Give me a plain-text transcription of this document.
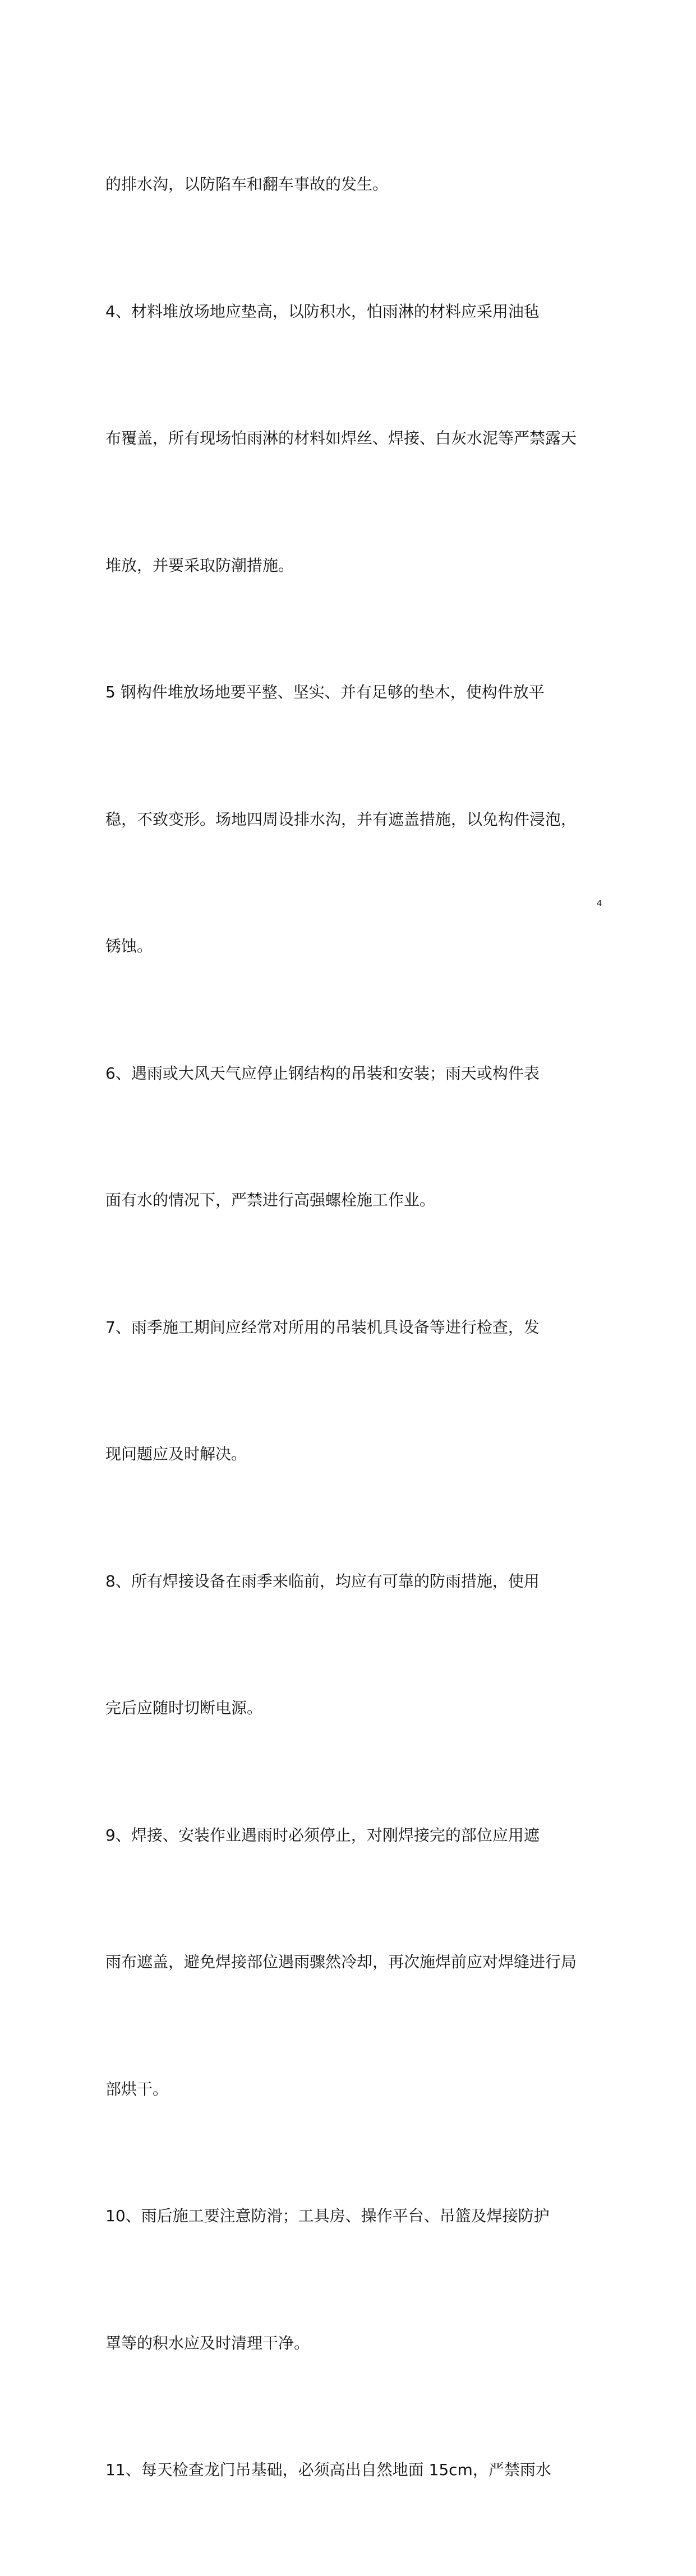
的排水沟，以防陷车和翻车事故的发生。

4、材料堆放场地应垫高，以防积水，怕雨淋的材料应采用油毡

布覆盖，所有现场怕雨淋的材料如焊丝、焊接、白灰水泥等严禁露天

堆放，并要采取防潮措施。

5 钢构件堆放场地要平整、坚实、并有足够的垫木，使构件放平

稳，不致变形。场地四周设排水沟，并有遮盖措施，以免构件浸泡，

锈蚀。

6、遇雨或大风天气应停止钢结构的吊装和安装；雨天或构件表

面有水的情况下，严禁进行高强螺栓施工作业。

7、雨季施工期间应经常对所用的吊装机具设备等进行检查，发

现问题应及时解决。

8、所有焊接设备在雨季来临前，均应有可靠的防雨措施，使用

完后应随时切断电源。

9、焊接、安装作业遇雨时必须停止，对刚焊接完的部位应用遮

雨布遮盖，避免焊接部位遇雨骤然冷却，再次施焊前应对焊缝进行局

部烘干。

10、雨后施工要注意防滑；工具房、操作平台、吊篮及焊接防护

罩等的积水应及时清理干净。

11、每天检查龙门吊基础，必须高出自然地面 15cm，严禁雨水

4
